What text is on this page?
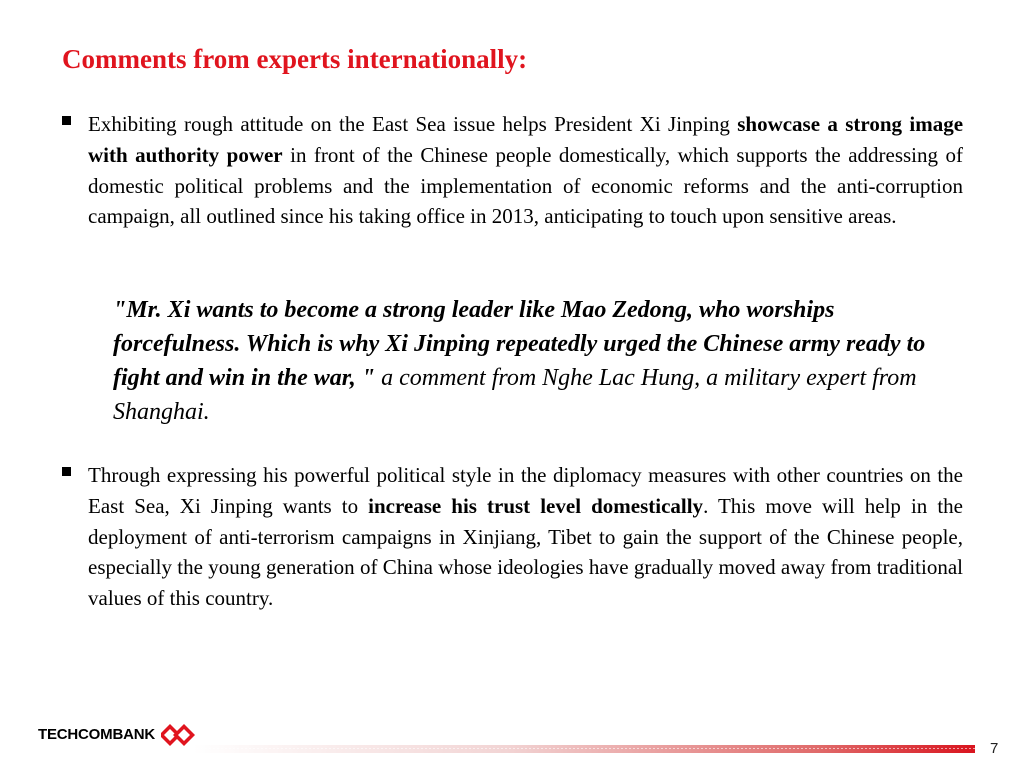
Comments from experts internationally:

Exhibiting rough attitude on the East Sea issue helps President Xi Jinping showcase a strong image with authority power in front of the Chinese people domestically, which supports the addressing of domestic political problems and the implementation of economic reforms and the anti-corruption campaign, all outlined since his taking office in 2013, anticipating to touch upon sensitive areas.

"Mr. Xi wants to become a strong leader like Mao Zedong, who worships forcefulness. Which is why Xi Jinping repeatedly urged the Chinese army ready to fight and win in the war, " a comment from Nghe Lac Hung, a military expert from Shanghai.

Through expressing his powerful political style in the diplomacy measures with other countries on the East Sea, Xi Jinping wants to increase his trust level domestically. This move will help in the deployment of anti-terrorism campaigns in Xinjiang, Tibet to gain the support of the Chinese people, especially the young generation of China whose ideologies have gradually moved away from traditional values of this country.

TECHCOMBANK
7
